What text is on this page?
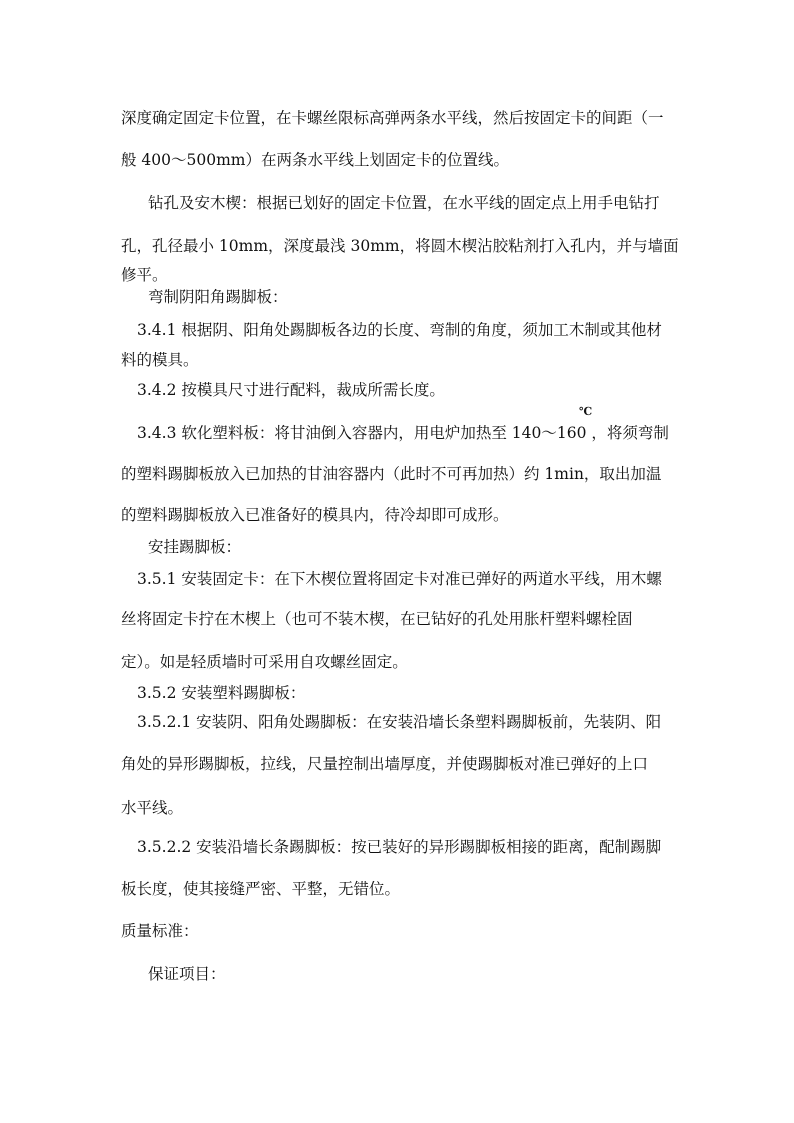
深度确定固定卡位置，在卡螺丝限标高弹两条水平线，然后按固定卡的间距（一
般 400～500mm）在两条水平线上划固定卡的位置线。
钻孔及安木楔：根据已划好的固定卡位置，在水平线的固定点上用手电钻打
孔，孔径最小 10mm，深度最浅 30mm，将圆木楔沾胶粘剂打入孔内，并与墙面
修平。
弯制阴阳角踢脚板：
3.4.1 根据阴、阳角处踢脚板各边的长度、弯制的角度，须加工木制或其他材
料的模具。
3.4.2 按模具尺寸进行配料，裁成所需长度。
3.4.3 软化塑料板：将甘油倒入容器内，用电炉加热至 140～160 ，将须弯制
℃
的塑料踢脚板放入已加热的甘油容器内（此时不可再加热）约 1min，取出加温
的塑料踢脚板放入已准备好的模具内，待冷却即可成形。
安挂踢脚板：
3.5.1 安装固定卡：在下木楔位置将固定卡对准已弹好的两道水平线，用木螺
丝将固定卡拧在木楔上（也可不装木楔，在已钻好的孔处用胀杆塑料螺栓固
定）。如是轻质墙时可采用自攻螺丝固定。
3.5.2 安装塑料踢脚板：
3.5.2.1 安装阴、阳角处踢脚板：在安装沿墙长条塑料踢脚板前，先装阴、阳
角处的异形踢脚板，拉线，尺量控制出墙厚度，并使踢脚板对准已弹好的上口
水平线。
3.5.2.2 安装沿墙长条踢脚板：按已装好的异形踢脚板相接的距离，配制踢脚
板长度，使其接缝严密、平整，无错位。
质量标准：
保证项目：
